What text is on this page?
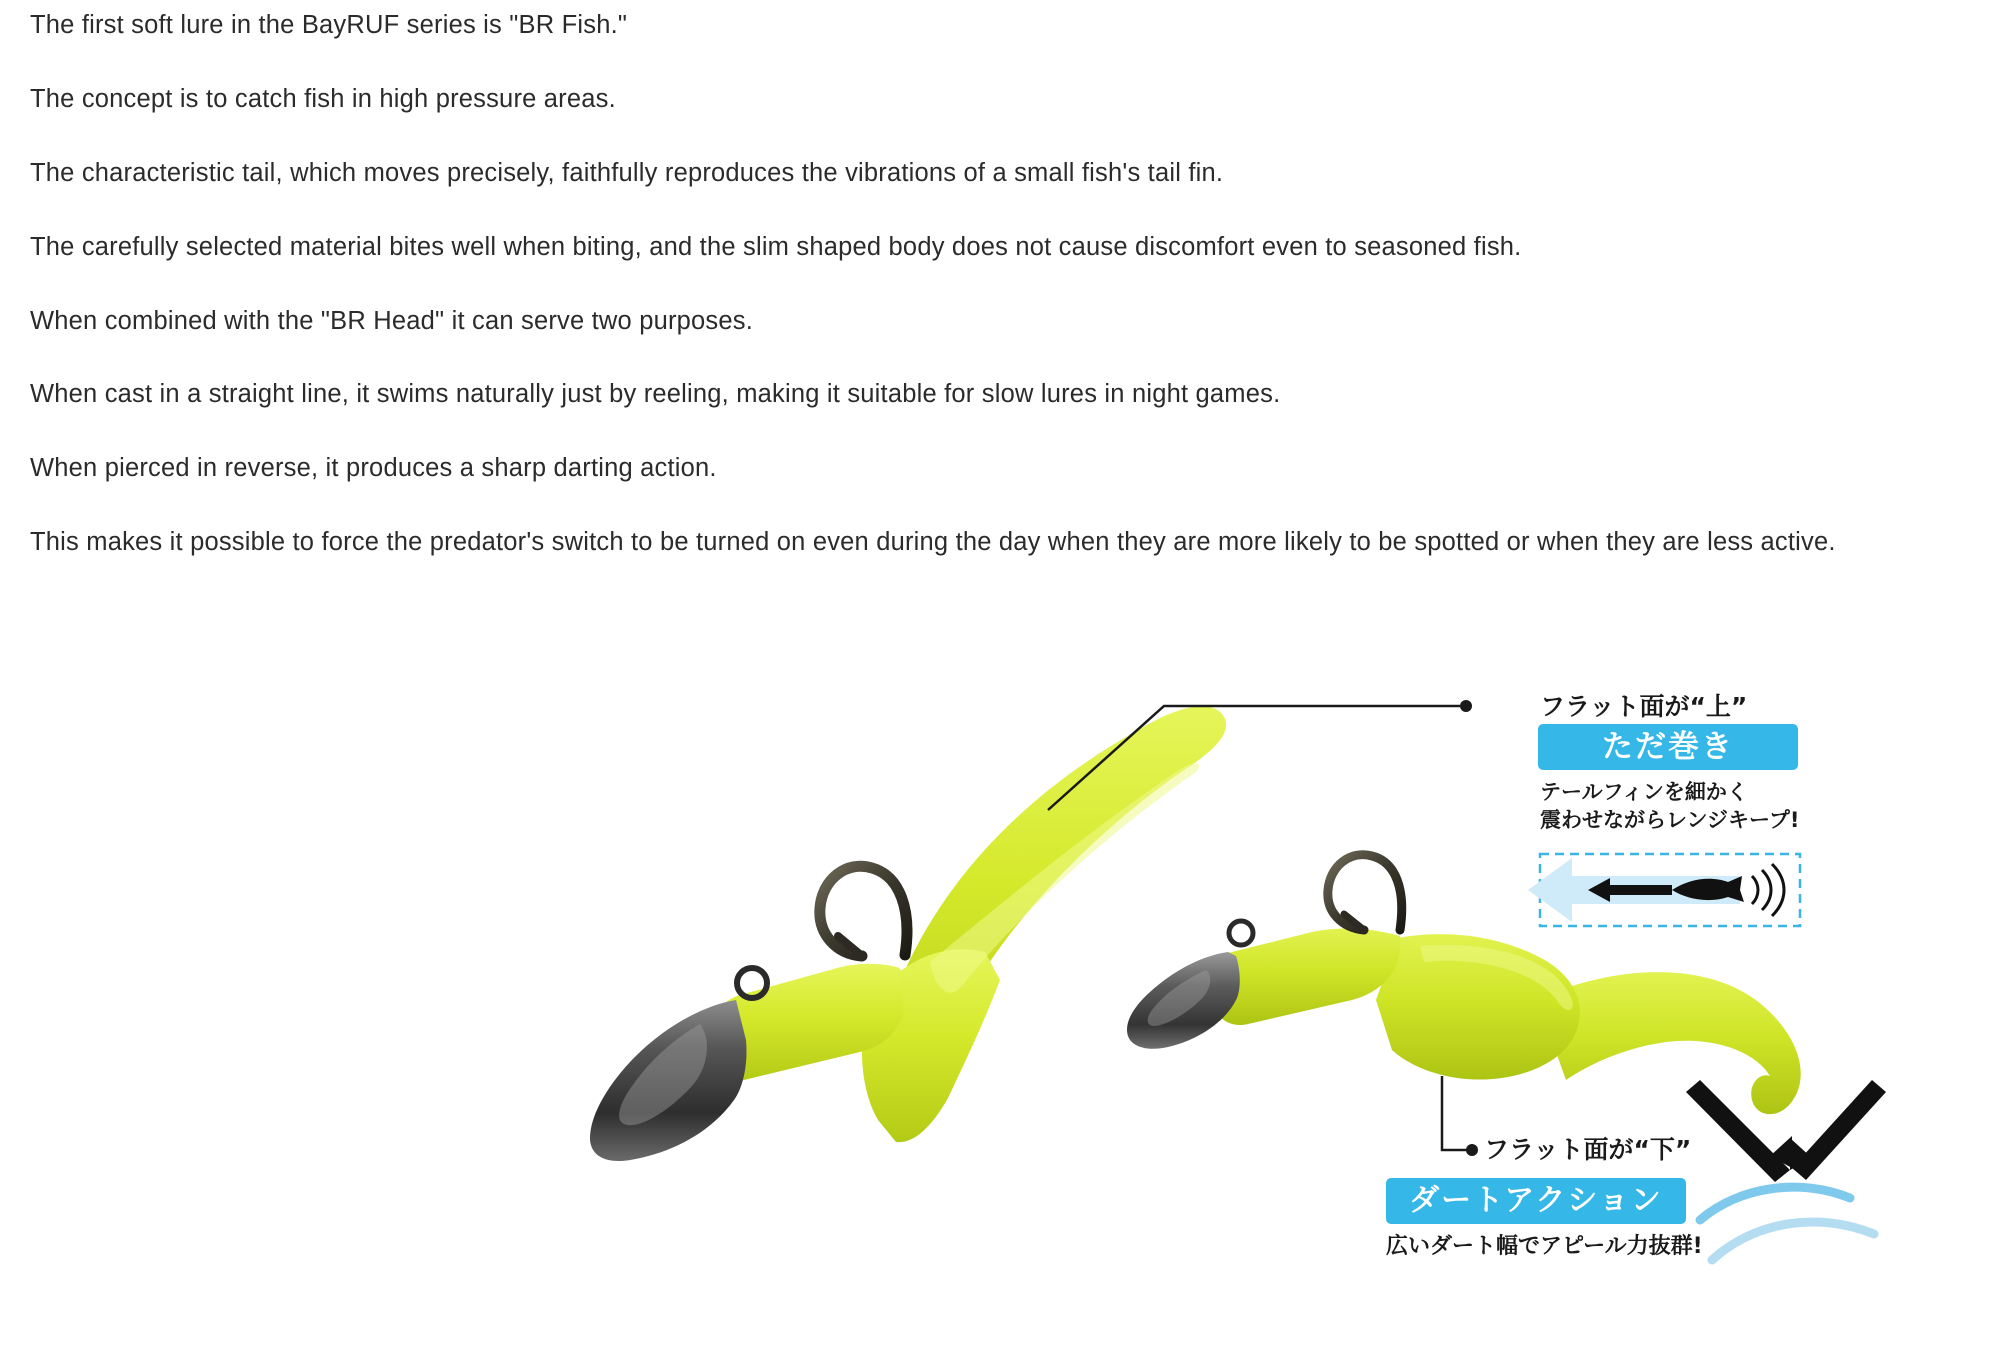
The first soft lure in the BayRUF series is "BR Fish."

The concept is to catch fish in high pressure areas.

The characteristic tail, which moves precisely, faithfully reproduces the vibrations of a small fish's tail fin.

The carefully selected material bites well when biting, and the slim shaped body does not cause discomfort even to seasoned fish.

When combined with the "BR Head" it can serve two purposes.

When cast in a straight line, it swims naturally just by reeling, making it suitable for slow lures in night games.

When pierced in reverse, it produces a sharp darting action.

This makes it possible to force the predator's switch to be turned on even during the day when they are more likely to be spotted or when they are less active.

フラット面が“上”
ただ巻き
テールフィンを細かく
震わせながらレンジキープ!
フラット面が“下”
ダートアクション
広いダート幅でアピール力抜群!
